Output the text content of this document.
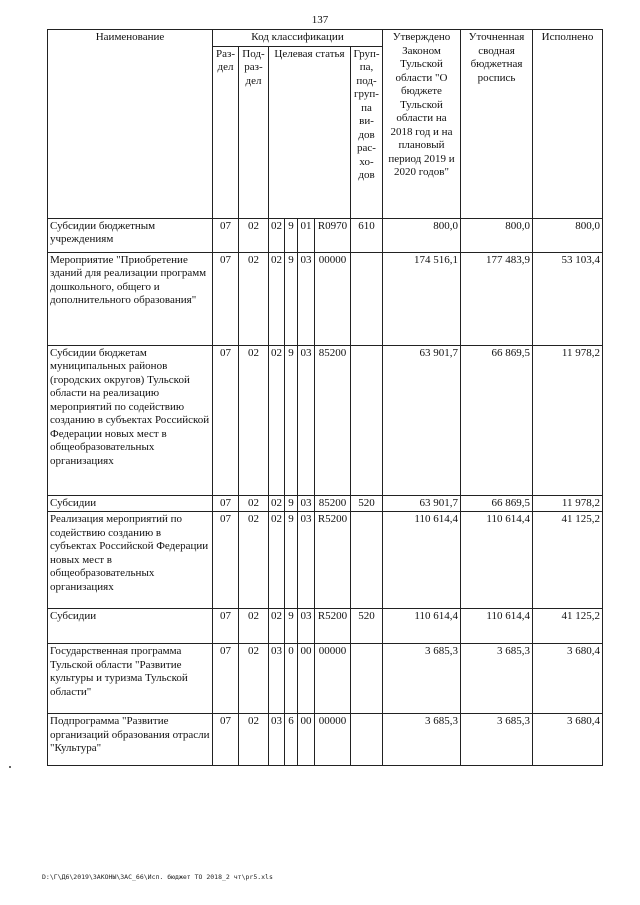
137
Наименование	Код классификации							Утверждено Законом Тульской области "О бюджете Тульской области на 2018 год и на плановый период 2019 и 2020 годов"	Уточненная сводная бюджетная роспись	Исполнено
	Раз-дел	Под-раз-дел	Целевая статья				Груп-па, под-груп-па ви-дов рас-хо-дов			
Субсидии бюджетным учреждениям	07	02	02	9	01	R0970	610	800,0	800,0	800,0
Мероприятие "Приобретение зданий для реализации программ дошкольного, общего и дополнительного образования"	07	02	02	9	03	00000		174 516,1	177 483,9	53 103,4
Субсидии бюджетам муниципальных районов (городских округов) Тульской области на реализацию мероприятий по содействию созданию в субъектах Российской Федерации новых мест в общеобразовательных организациях	07	02	02	9	03	85200		63 901,7	66 869,5	11 978,2
Субсидии	07	02	02	9	03	85200	520	63 901,7	66 869,5	11 978,2
Реализация мероприятий по содействию созданию в субъектах Российской Федерации новых мест в общеобразовательных организациях	07	02	02	9	03	R5200		110 614,4	110 614,4	41 125,2
Субсидии	07	02	02	9	03	R5200	520	110 614,4	110 614,4	41 125,2
Государственная программа Тульской области "Развитие культуры и туризма Тульской области"	07	02	03	0	00	00000		3 685,3	3 685,3	3 680,4
Подпрограмма "Развитие организаций образования отрасли "Культура"	07	02	03	6	00	00000		3 685,3	3 685,3	3 680,4
D:\Г\Д6\2019\ЗАКОНЫ\ЗАС_66\Исп. бюджет ТО 2018_2 чт\pr5.xls
